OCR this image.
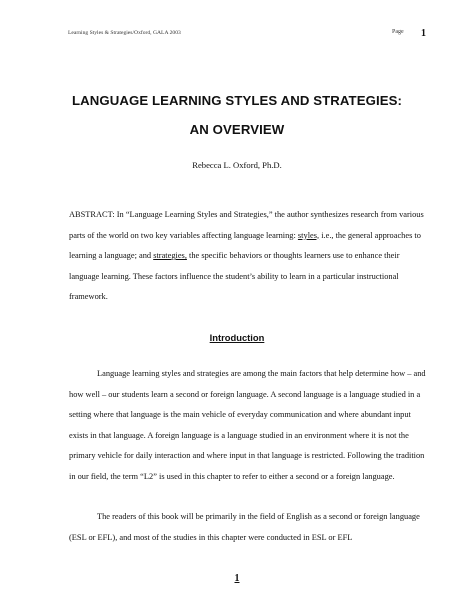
Learning Styles & Strategies/Oxford, GALA 2003	Page 1
LANGUAGE LEARNING STYLES AND STRATEGIES:
AN OVERVIEW
Rebecca L. Oxford, Ph.D.

ABSTRACT: In “Language Learning Styles and Strategies,” the author synthesizes research from various parts of the world on two key variables affecting language learning: styles, i.e., the general approaches to learning a language; and strategies, the specific behaviors or thoughts learners use to enhance their language learning. These factors influence the student’s ability to learn in a particular instructional framework.

Introduction

Language learning styles and strategies are among the main factors that help determine how – and how well – our students learn a second or foreign language. A second language is a language studied in a setting where that language is the main vehicle of everyday communication and where abundant input exists in that language. A foreign language is a language studied in an environment where it is not the primary vehicle for daily interaction and where input in that language is restricted. Following the tradition in our field, the term “L2” is used in this chapter to refer to either a second or a foreign language.

The readers of this book will be primarily in the field of English as a second or foreign language (ESL or EFL), and most of the studies in this chapter were conducted in ESL or EFL

1
